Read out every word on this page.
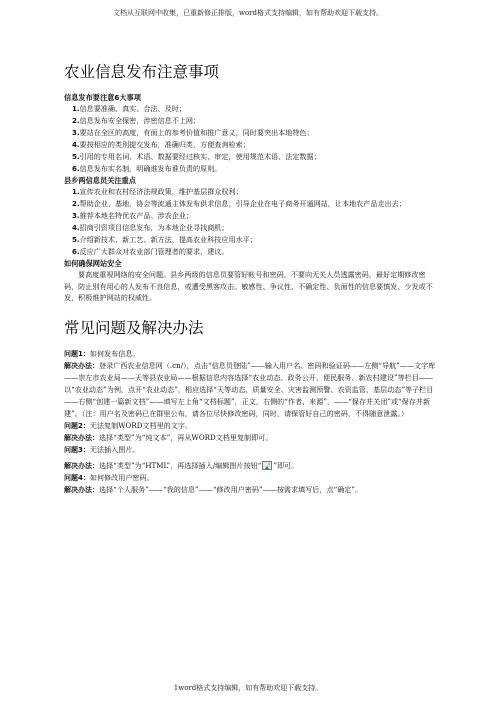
文档从互联网中收集，已重新修正排版，word格式支持编辑，如有帮助欢迎下载支持。
农业信息发布注意事项
信息发布要注意6大事项
1.信息要准确、真实、合法、及时；
2.信息发布安全保密，涉密信息不上网；
3.要站在全区的高度，有面上的参考价值和推广意义，同时要突出本地特色；
4.要按相应的类别提交发布，准确归类，方便查询检索；
5.引用的专用名词、术语、数据要经过核实、审定，使用规范术语、法定数据；
6.信息发布实名制，明确谁发布谁负责的原则。
县乡两信息员关注重点
1.宣传农业和农村经济法规政策，维护基层群众权利；
2.帮助企业、基地、协会等流通主体发布供求信息，引导企业在电子商务开通网站，让本地农产品走出去；
3.推荐本地名特优农产品、涉农企业；
4.招商引资项目信息发布，为本地企业寻找商机；
5.介绍新技术、新工艺、新方法，提高农业科技应用水平；
6.反应广大群众对农业部门管理者的要求、建议。
如何确保网站安全
要高度重视网络的安全问题。县乡两级的信息员要管好帐号和密码，不要向无关人员透露密码，最好定期修改密码，防止别有用心的人发布不良信息，或遭受黑客攻击。敏感性、争议性、不确定性、负面性的信息要慎发、少发或不发，积极维护网站的权威性。
常见问题及解决办法
问题1：如何发布信息。
解决办法：登录广西农业信息网（.cn/），点击“信息员登陆”——输入用户名、密码和验证码——左侧“导航”——文字库——崇左市农业局——天等县农业局——根据信息内容选择“农业动态、政务公开、便民服务、新农村建设”等栏目——以“农业动态”为例，点开“农业动态”，相应选择“天等动态、质量安全、灾害监测预警、农资监管、基层动态”等子栏目——右侧“创建一篇新文档”——填写左上角“文档标题”，正文，右侧的“作者、来源”，——“保存并关闭”或“保存并新建”。（注：用户名及密码已在群里公布，请各位尽快修改密码，同时，请保管好自己的密码，不得随意泄露。）
问题2：无法复制WORD文档里的文字。
解决办法：选择“类型”为“纯文本”，再从WORD文档里复制即可。
问题3：无法插入图片。
解决办法：选择“类型”为“HTML”，再选择插入/编辑图片按钮“ ”即可。
问题4：如何修改用户密码。
解决办法：选择“个人服务”——“我的信息”——“修改用户密码”——按需求填写后，点“确定”。
1word格式支持编辑，如有帮助欢迎下载支持。
